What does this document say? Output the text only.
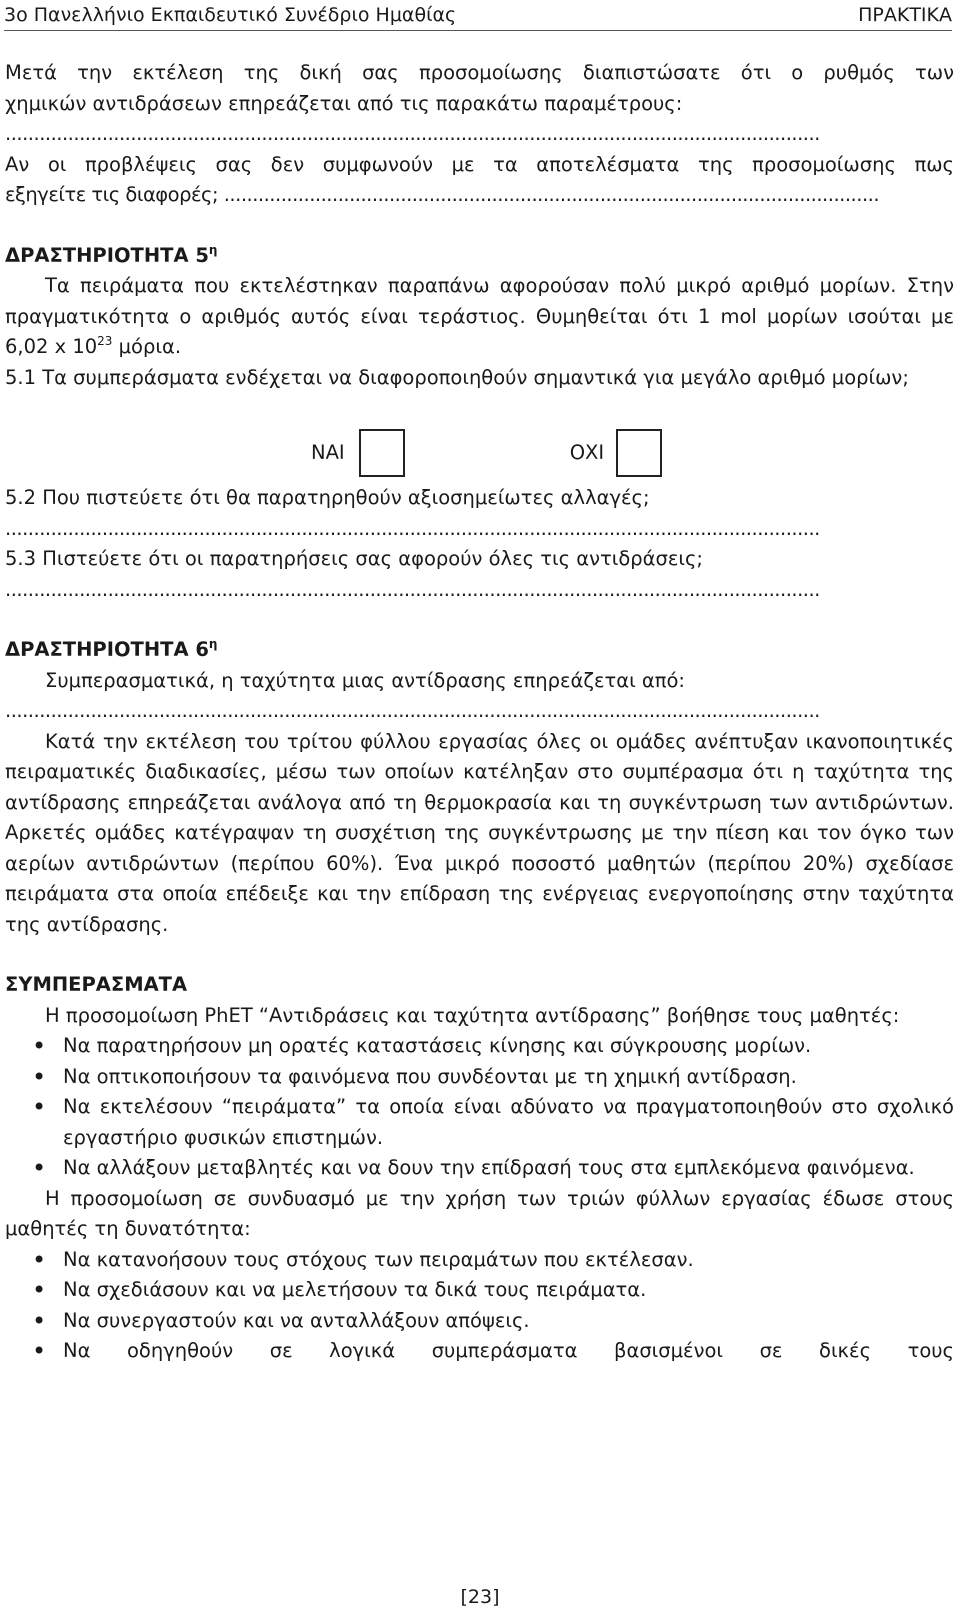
3ο Πανελλήνιο Εκπαιδευτικό Συνέδριο Ημαθίας	ΠΡΑΚΤΙΚΑ

Μετά την εκτέλεση της δική σας προσομοίωσης διαπιστώσατε ότι ο ρυθμός των

χημικών αντιδράσεων επηρεάζεται από τις παρακάτω παραμέτρους:

...............................................................................................................................................

Αν οι προβλέψεις σας δεν συμφωνούν με τα αποτελέσματα της προσομοίωσης πως

εξηγείτε τις διαφορές; ...................................................................................................................

ΔΡΑΣΤΗΡΙΟΤΗΤΑ $5^\eta$

Τα πειράματα που εκτελέστηκαν παραπάνω αφορούσαν πολύ μικρό αριθμό μορίων. Στην πραγματικότητα ο αριθμός αυτός είναι τεράστιος. Θυμηθείται ότι 1 mol μορίων ισούται με 6,02 x $10^{23}$ μόρια.

5.1 Τα συμπεράσματα ενδέχεται να διαφοροποιηθούν σημαντικά για μεγάλο αριθμό μορίων;

ΝΑΙ	ΟΧΙ

5.2 Που πιστεύετε ότι θα παρατηρηθούν αξιοσημείωτες αλλαγές;

...............................................................................................................................................

5.3 Πιστεύετε ότι οι παρατηρήσεις σας αφορούν όλες τις αντιδράσεις;

...............................................................................................................................................

ΔΡΑΣΤΗΡΙΟΤΗΤΑ $6^\eta$

Συμπερασματικά, η ταχύτητα μιας αντίδρασης επηρεάζεται από:

...............................................................................................................................................

Κατά την εκτέλεση του τρίτου φύλλου εργασίας όλες οι ομάδες ανέπτυξαν ικανοποιητικές πειραματικές διαδικασίες, μέσω των οποίων κατέληξαν στο συμπέρασμα ότι η ταχύτητα της αντίδρασης επηρεάζεται ανάλογα από τη θερμοκρασία και τη συγκέντρωση των αντιδρώντων. Αρκετές ομάδες κατέγραψαν τη συσχέτιση της συγκέντρωσης με την πίεση και τον όγκο των αερίων αντιδρώντων (περίπου 60%). Ένα μικρό ποσοστό μαθητών (περίπου 20%) σχεδίασε πειράματα στα οποία επέδειξε και την επίδραση της ενέργειας ενεργοποίησης στην ταχύτητα της αντίδρασης.

ΣΥΜΠΕΡΑΣΜΑΤΑ

Η προσομοίωση PhET “Αντιδράσεις και ταχύτητα αντίδρασης” βοήθησε τους μαθητές:

• Να παρατηρήσουν μη ορατές καταστάσεις κίνησης και σύγκρουσης μορίων.
• Να οπτικοποιήσουν τα φαινόμενα που συνδέονται με τη χημική αντίδραση.
• Να εκτελέσουν “πειράματα” τα οποία είναι αδύνατο να πραγματοποιηθούν στο σχολικό εργαστήριο φυσικών επιστημών.
• Να αλλάξουν μεταβλητές και να δουν την επίδρασή τους στα εμπλεκόμενα φαινόμενα.

Η προσομοίωση σε συνδυασμό με την χρήση των τριών φύλλων εργασίας έδωσε στους μαθητές τη δυνατότητα:

• Να κατανοήσουν τους στόχους των πειραμάτων που εκτέλεσαν.
• Να σχεδιάσουν και να μελετήσουν τα δικά τους πειράματα.
• Να συνεργαστούν και να ανταλλάξουν απόψεις.
• Να οδηγηθούν σε λογικά συμπεράσματα βασισμένοι σε δικές τους
[23]
